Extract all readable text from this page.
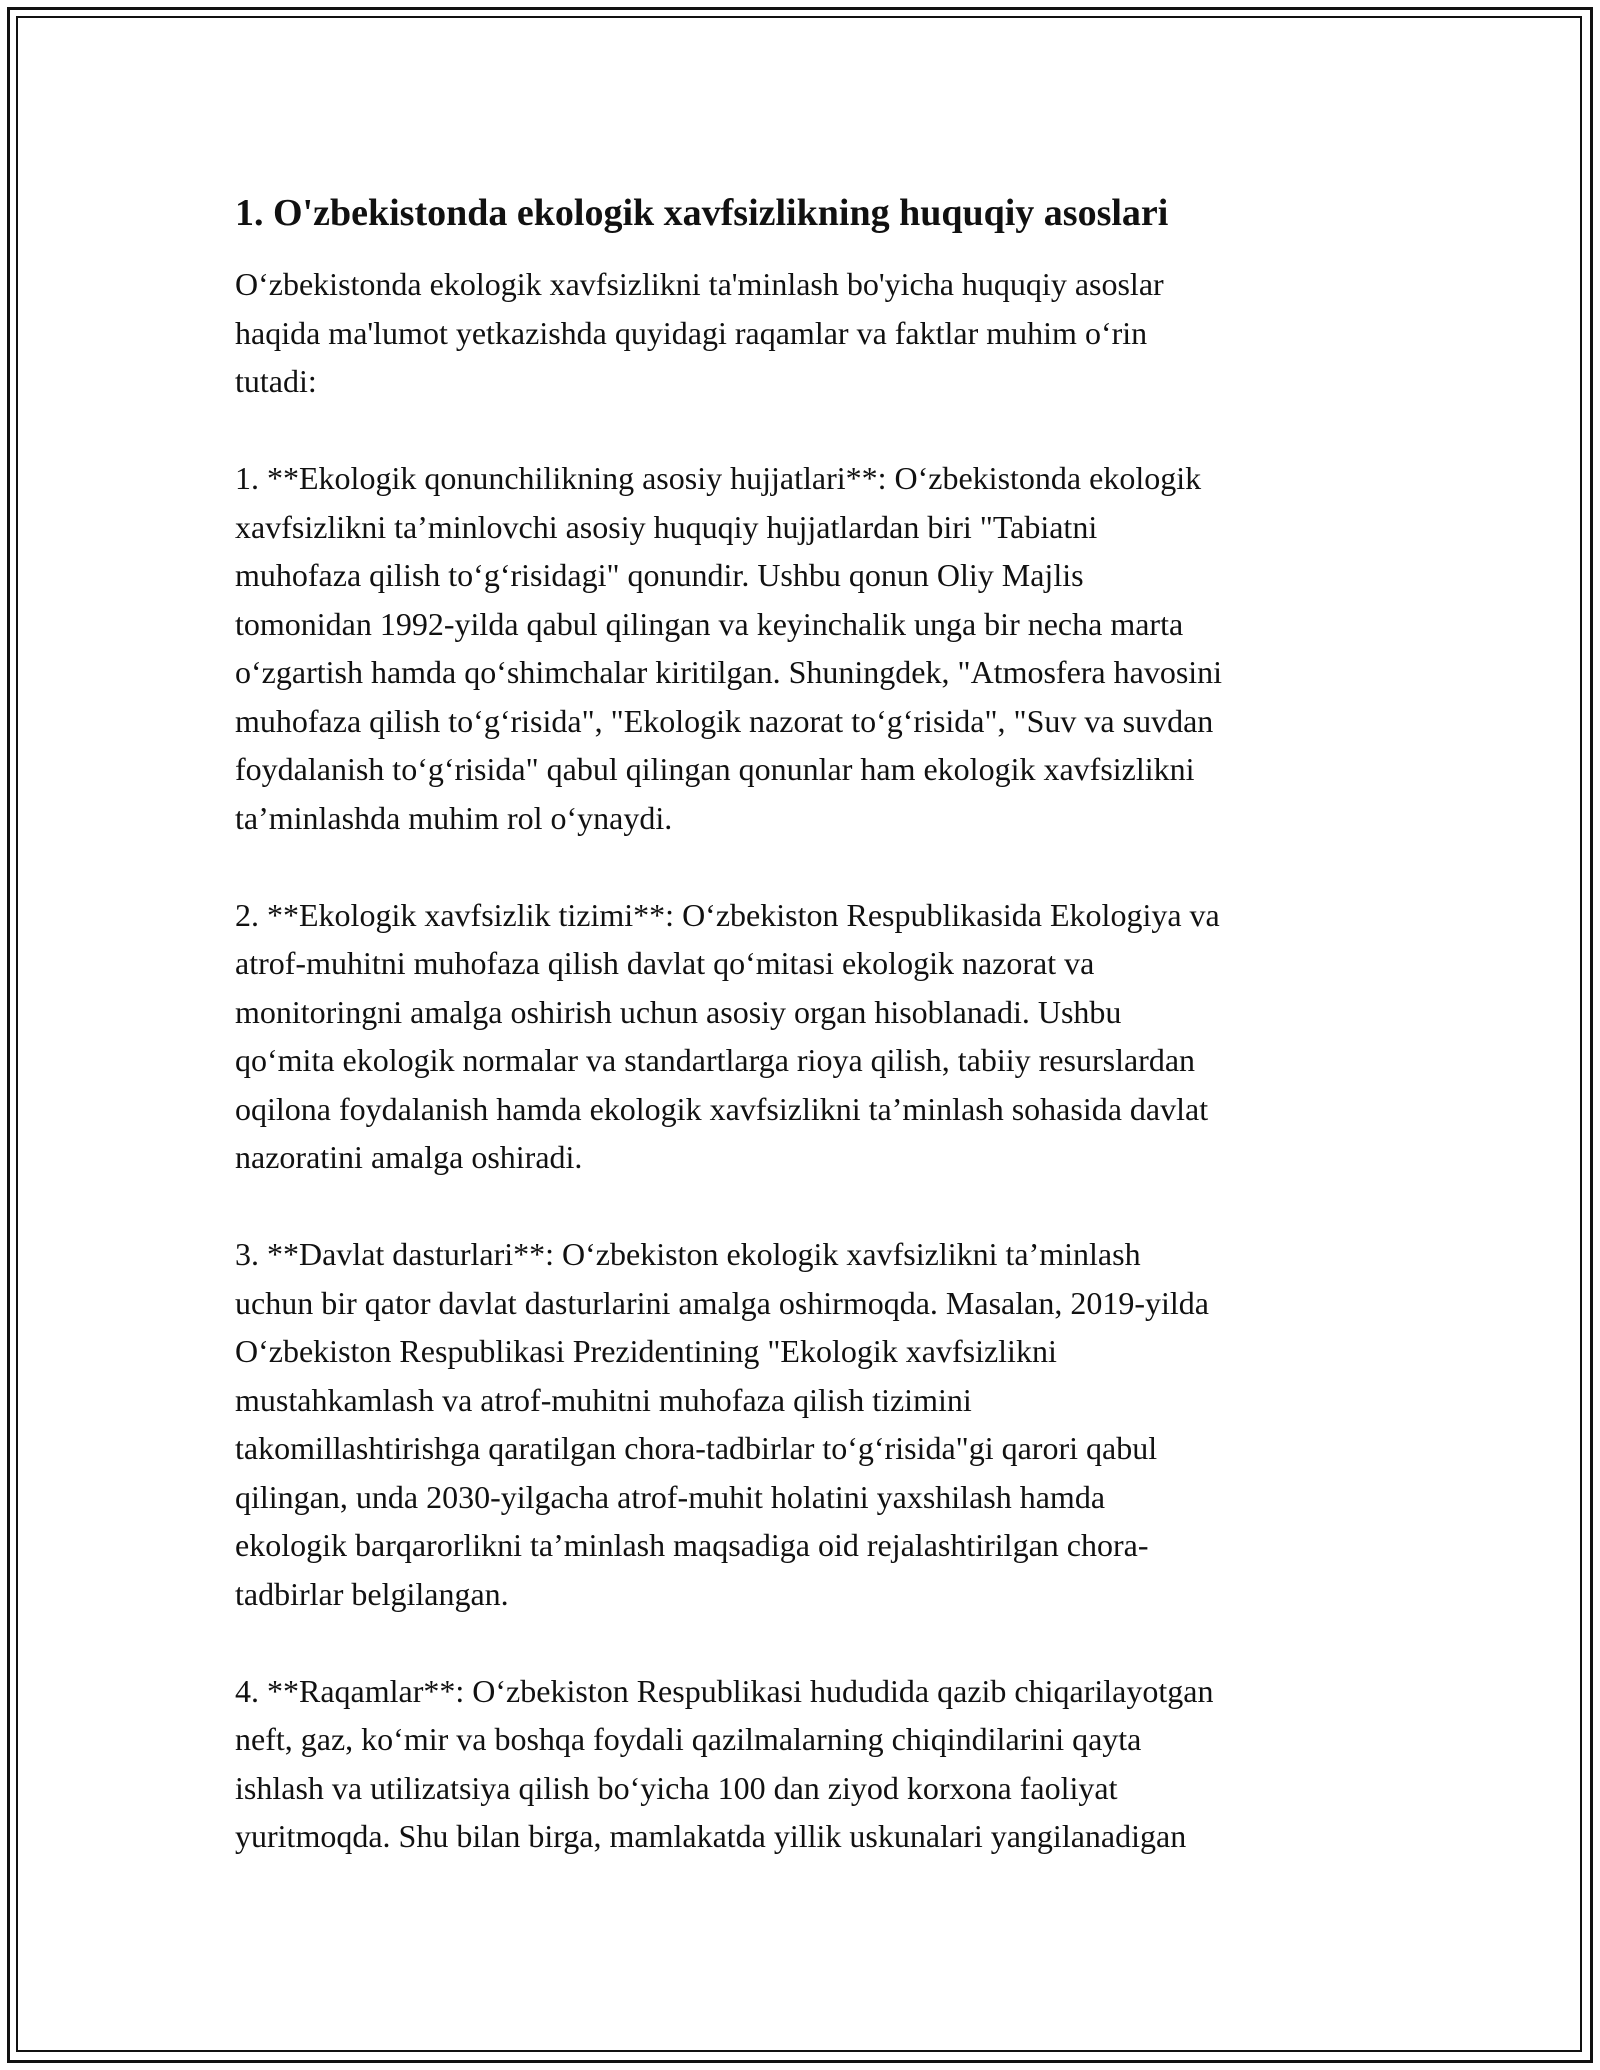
1. O'zbekistonda ekologik xavfsizlikning huquqiy asoslari

O‘zbekistonda ekologik xavfsizlikni ta'minlash bo'yicha huquqiy asoslar
haqida ma'lumot yetkazishda quyidagi raqamlar va faktlar muhim o‘rin
tutadi:

1. **Ekologik qonunchilikning asosiy hujjatlari**: O‘zbekistonda ekologik
xavfsizlikni ta’minlovchi asosiy huquqiy hujjatlardan biri "Tabiatni
muhofaza qilish to‘g‘risidagi" qonundir. Ushbu qonun Oliy Majlis
tomonidan 1992-yilda qabul qilingan va keyinchalik unga bir necha marta
o‘zgartish hamda qo‘shimchalar kiritilgan. Shuningdek, "Atmosfera havosini
muhofaza qilish to‘g‘risida", "Ekologik nazorat to‘g‘risida", "Suv va suvdan
foydalanish to‘g‘risida" qabul qilingan qonunlar ham ekologik xavfsizlikni
ta’minlashda muhim rol o‘ynaydi.

2. **Ekologik xavfsizlik tizimi**: O‘zbekiston Respublikasida Ekologiya va
atrof-muhitni muhofaza qilish davlat qo‘mitasi ekologik nazorat va
monitoringni amalga oshirish uchun asosiy organ hisoblanadi. Ushbu
qo‘mita ekologik normalar va standartlarga rioya qilish, tabiiy resurslardan
oqilona foydalanish hamda ekologik xavfsizlikni ta’minlash sohasida davlat
nazoratini amalga oshiradi.

3. **Davlat dasturlari**: O‘zbekiston ekologik xavfsizlikni ta’minlash
uchun bir qator davlat dasturlarini amalga oshirmoqda. Masalan, 2019-yilda
O‘zbekiston Respublikasi Prezidentining "Ekologik xavfsizlikni
mustahkamlash va atrof-muhitni muhofaza qilish tizimini
takomillashtirishga qaratilgan chora-tadbirlar to‘g‘risida"gi qarori qabul
qilingan, unda 2030-yilgacha atrof-muhit holatini yaxshilash hamda
ekologik barqarorlikni ta’minlash maqsadiga oid rejalashtirilgan chora-
tadbirlar belgilangan.

4. **Raqamlar**: O‘zbekiston Respublikasi hududida qazib chiqarilayotgan
neft, gaz, ko‘mir va boshqa foydali qazilmalarning chiqindilarini qayta
ishlash va utilizatsiya qilish bo‘yicha 100 dan ziyod korxona faoliyat
yuritmoqda. Shu bilan birga, mamlakatda yillik uskunalari yangilanadigan
